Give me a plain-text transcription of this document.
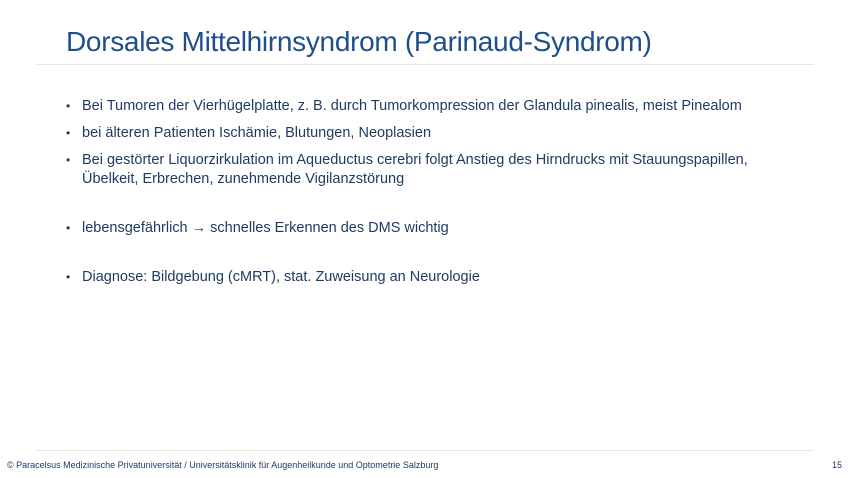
Dorsales Mittelhirnsyndrom (Parinaud-Syndrom)
• Bei Tumoren der Vierhügelplatte, z. B. durch Tumorkompression der Glandula pinealis, meist Pinealom
• bei älteren Patienten Ischämie, Blutungen, Neoplasien
• Bei gestörter Liquorzirkulation im Aqueductus cerebri folgt Anstieg des Hirndrucks mit Stauungspapillen, Übelkeit, Erbrechen, zunehmende Vigilanzstörung
• lebensgefährlich → schnelles Erkennen des DMS wichtig
• Diagnose: Bildgebung (cMRT), stat. Zuweisung an Neurologie
© Paracelsus Medizinische Privatuniversität / Universitätsklinik für Augenheilkunde und Optometrie Salzburg	15
